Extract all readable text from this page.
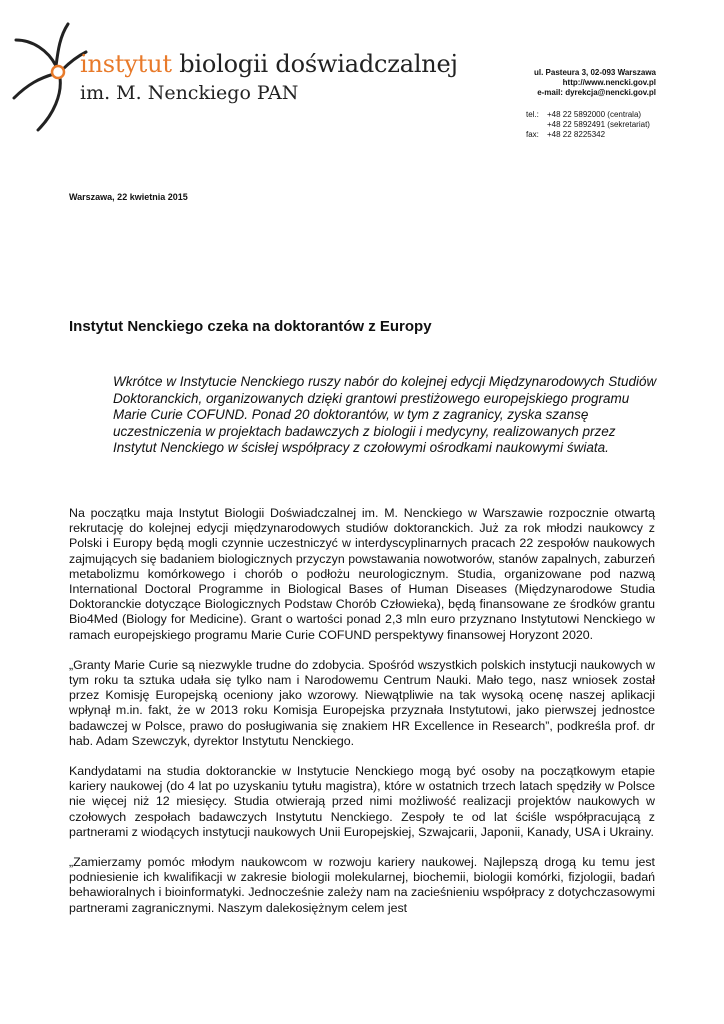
instytut biologii doświadczalnej
im. M. Nenckiego PAN
ul. Pasteura 3, 02-093 Warszawa
http://www.nencki.gov.pl
e-mail: dyrekcja@nencki.gov.pl
tel.:	+48 22 5892000 (centrala)
+48 22 5892491 (sekretariat)
fax:	+48 22 8225342
Warszawa, 22 kwietnia 2015
Instytut Nenckiego czeka na doktorantów z Europy
Wkrótce w Instytucie Nenckiego ruszy nabór do kolejnej edycji Międzynarodowych Studiów Doktoranckich, organizowanych dzięki grantowi prestiżowego europejskiego programu Marie Curie COFUND. Ponad 20 doktorantów, w tym z zagranicy, zyska szansę uczestniczenia w projektach badawczych z biologii i medycyny, realizowanych przez Instytut Nenckiego w ścisłej współpracy z czołowymi ośrodkami naukowymi świata.

Na początku maja Instytut Biologii Doświadczalnej im. M. Nenckiego w Warszawie rozpocznie otwartą rekrutację do kolejnej edycji międzynarodowych studiów doktoranckich. Już za rok młodzi naukowcy z Polski i Europy będą mogli czynnie uczestniczyć w interdyscyplinarnych pracach 22 zespołów naukowych zajmujących się badaniem biologicznych przyczyn powstawania nowotworów, stanów zapalnych, zaburzeń metabolizmu komórkowego i chorób o podłożu neurologicznym. Studia, organizowane pod nazwą International Doctoral Programme in Biological Bases of Human Diseases (Międzynarodowe Studia Doktoranckie dotyczące Biologicznych Podstaw Chorób Człowieka), będą finansowane ze środków grantu Bio4Med (Biology for Medicine). Grant o wartości ponad 2,3 mln euro przyznano Instytutowi Nenckiego w ramach europejskiego programu Marie Curie COFUND perspektywy finansowej Horyzont 2020.

„Granty Marie Curie są niezwykle trudne do zdobycia. Spośród wszystkich polskich instytucji naukowych w tym roku ta sztuka udała się tylko nam i Narodowemu Centrum Nauki. Mało tego, nasz wniosek został przez Komisję Europejską oceniony jako wzorowy. Niewątpliwie na tak wysoką ocenę naszej aplikacji wpłynął m.in. fakt, że w 2013 roku Komisja Europejska przyznała Instytutowi, jako pierwszej jednostce badawczej w Polsce, prawo do posługiwania się znakiem HR Excellence in Research”, podkreśla prof. dr hab. Adam Szewczyk, dyrektor Instytutu Nenckiego.

Kandydatami na studia doktoranckie w Instytucie Nenckiego mogą być osoby na początkowym etapie kariery naukowej (do 4 lat po uzyskaniu tytułu magistra), które w ostatnich trzech latach spędziły w Polsce nie więcej niż 12 miesięcy. Studia otwierają przed nimi możliwość realizacji projektów naukowych w czołowych zespołach badawczych Instytutu Nenckiego. Zespoły te od lat ściśle współpracującą z partnerami z wiodących instytucji naukowych Unii Europejskiej, Szwajcarii, Japonii, Kanady, USA i Ukrainy.

„Zamierzamy pomóc młodym naukowcom w rozwoju kariery naukowej. Najlepszą drogą ku temu jest podniesienie ich kwalifikacji w zakresie biologii molekularnej, biochemii, biologii komórki, fizjologii, badań behawioralnych i bioinformatyki. Jednocześnie zależy nam na zacieśnieniu współpracy z dotychczasowymi partnerami zagranicznymi. Naszym dalekosiężnym celem jest
